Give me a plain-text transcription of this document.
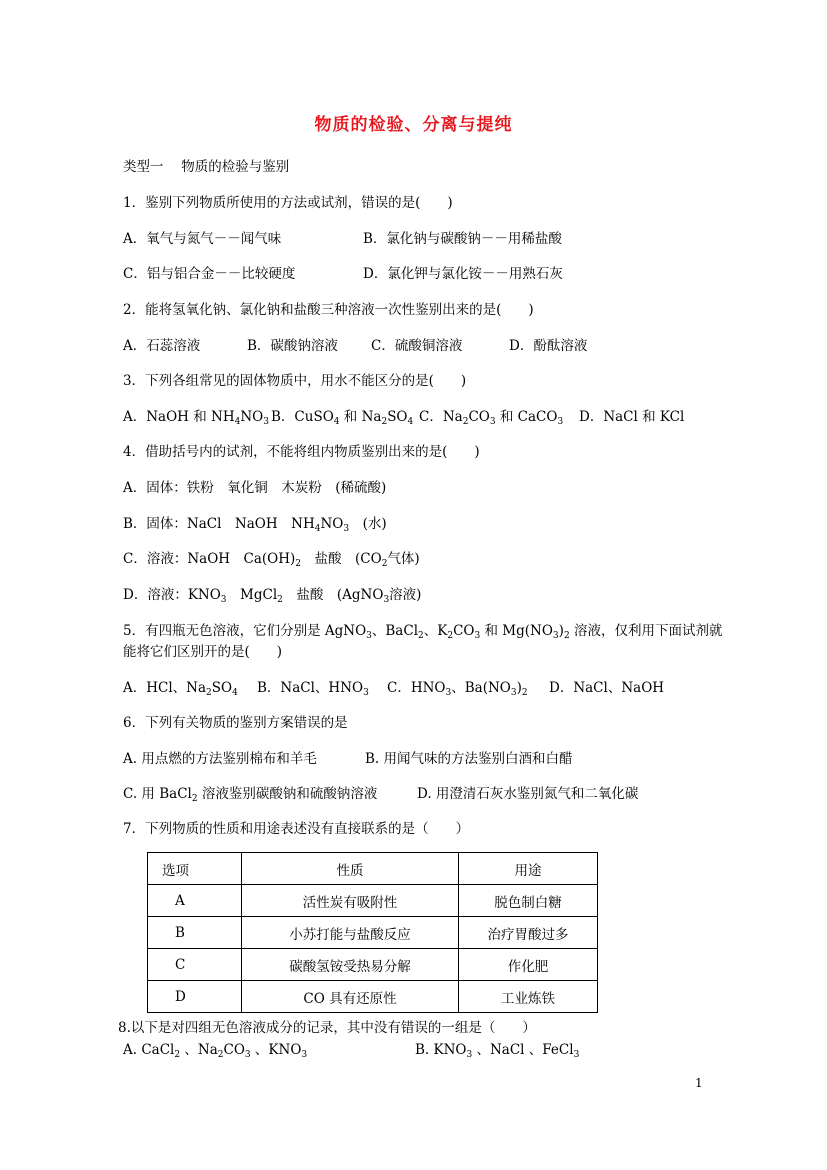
物质的检验、分离与提纯
类型一　 物质的检验与鉴别
1．鉴别下列物质所使用的方法或试剂，错误的是(　　)
A．氧气与氮气－－闻气味	B．氯化钠与碳酸钠－－用稀盐酸
C．铝与铝合金－－比较硬度	D．氯化钾与氯化铵－－用熟石灰
2．能将氢氧化钠、氯化钠和盐酸三种溶液一次性鉴别出来的是(　　)
A．石蕊溶液	B．碳酸钠溶液 C．硫酸铜溶液	D．酚酞溶液
3．下列各组常见的固体物质中，用水不能区分的是(　　)
A．NaOH 和 $NH_4NO_3$ B．CuSO$_4$ 和 $Na_2SO_4$ C．$Na_2CO_3$ 和 CaCO$_3$ D．NaCl 和 KCl
4．借助括号内的试剂，不能将组内物质鉴别出来的是(　　)
A．固体：铁粉　氧化铜　木炭粉　(稀硫酸)
B．固体：NaCl　NaOH　$NH_4NO_3$　(水)
C．溶液：NaOH　$Ca(OH)_2$　盐酸　($CO_2$气体)
D．溶液：$KNO_3$　MgCl$_2$　盐酸　(AgNO$_3$溶液)
5．有四瓶无色溶液，它们分别是 AgNO$_3$、BaCl$_2$、$K_2CO_3$ 和 $Mg(NO_3)_2$ 溶液，仅利用下面试剂就
能将它们区别开的是(　　)
A．HCl、$Na_2SO_4$ B．NaCl、$HNO_3$ C．$HNO_3$、$Ba(NO_3)_2$ D．NaCl、NaOH
6．下列有关物质的鉴别方案错误的是
A. 用点燃的方法鉴别棉布和羊毛	B. 用闻气味的方法鉴别白酒和白醋
C. 用 BaCl$_2$ 溶液鉴别碳酸钠和硫酸钠溶液	D. 用澄清石灰水鉴别氮气和二氧化碳
7．下列物质的性质和用途表述没有直接联系的是（　　）
选项	性质	用途
A	活性炭有吸附性	脱色制白糖
B	小苏打能与盐酸反应	治疗胃酸过多
C	碳酸氢铵受热易分解	作化肥
D	CO 具有还原性	工业炼铁
8.以下是对四组无色溶液成分的记录，其中没有错误的一组是（　　）
A. CaCl$_2$ 、$Na_2CO_3$ 、$KNO_3$	B. $KNO_3$ 、NaCl 、FeCl$_3$
1
